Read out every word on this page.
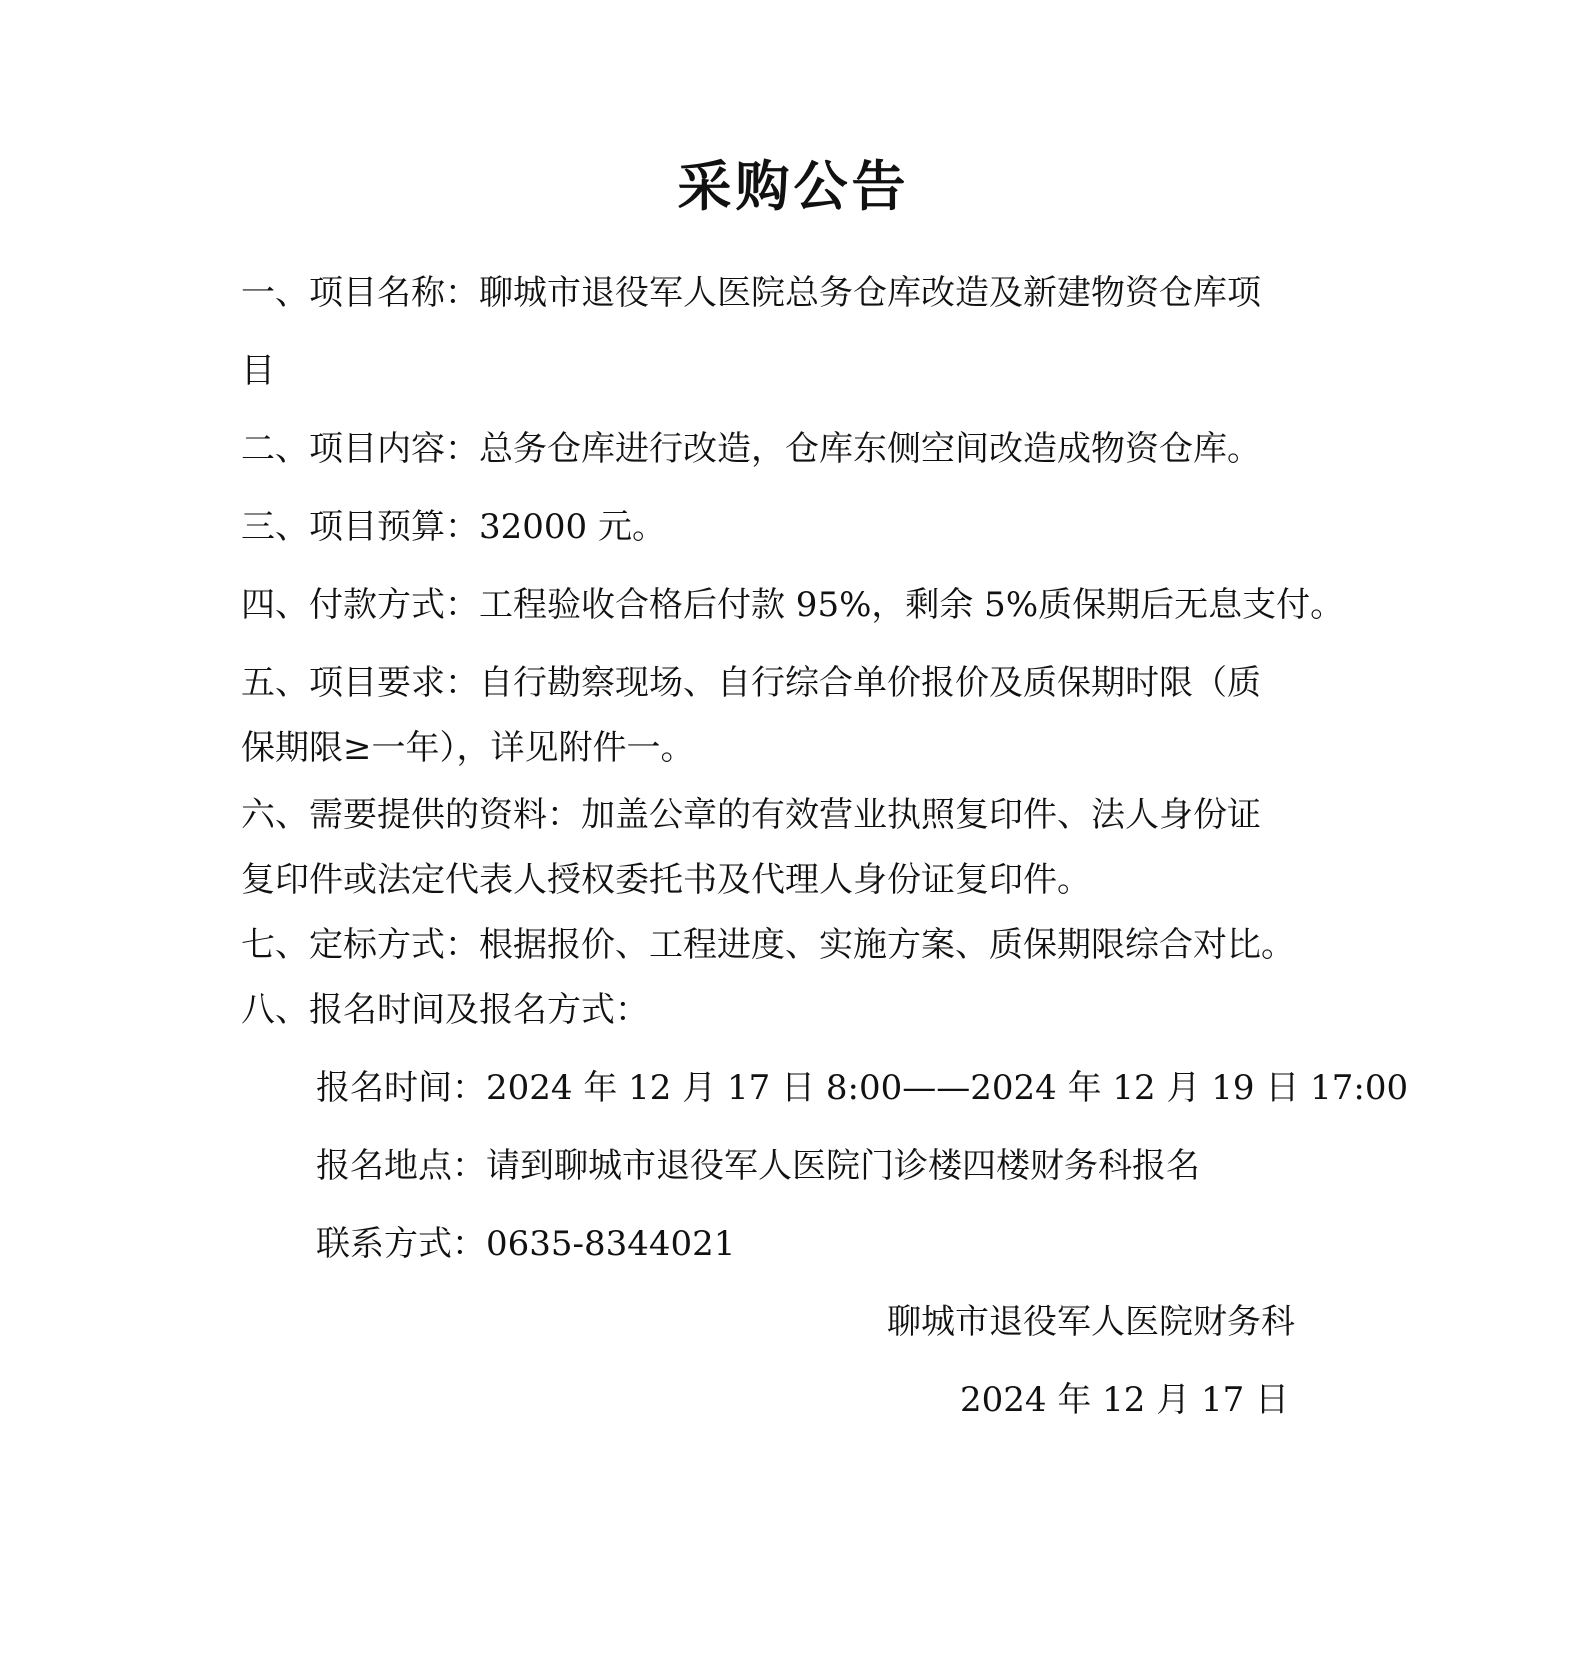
采购公告

一、项目名称：聊城市退役军人医院总务仓库改造及新建物资仓库项

目

二、项目内容：总务仓库进行改造，仓库东侧空间改造成物资仓库。

三、项目预算：32000 元。

四、付款方式：工程验收合格后付款 95%，剩余 5%质保期后无息支付。

五、项目要求：自行勘察现场、自行综合单价报价及质保期时限（质

保期限≥一年），详见附件一。

六、需要提供的资料：加盖公章的有效营业执照复印件、法人身份证

复印件或法定代表人授权委托书及代理人身份证复印件。

七、定标方式：根据报价、工程进度、实施方案、质保期限综合对比。

八、报名时间及报名方式：

报名时间：2024 年 12 月 17 日 8:00——2024 年 12 月 19 日 17:00

报名地点：请到聊城市退役军人医院门诊楼四楼财务科报名

联系方式：0635-8344021

聊城市退役军人医院财务科

2024 年 12 月 17 日
